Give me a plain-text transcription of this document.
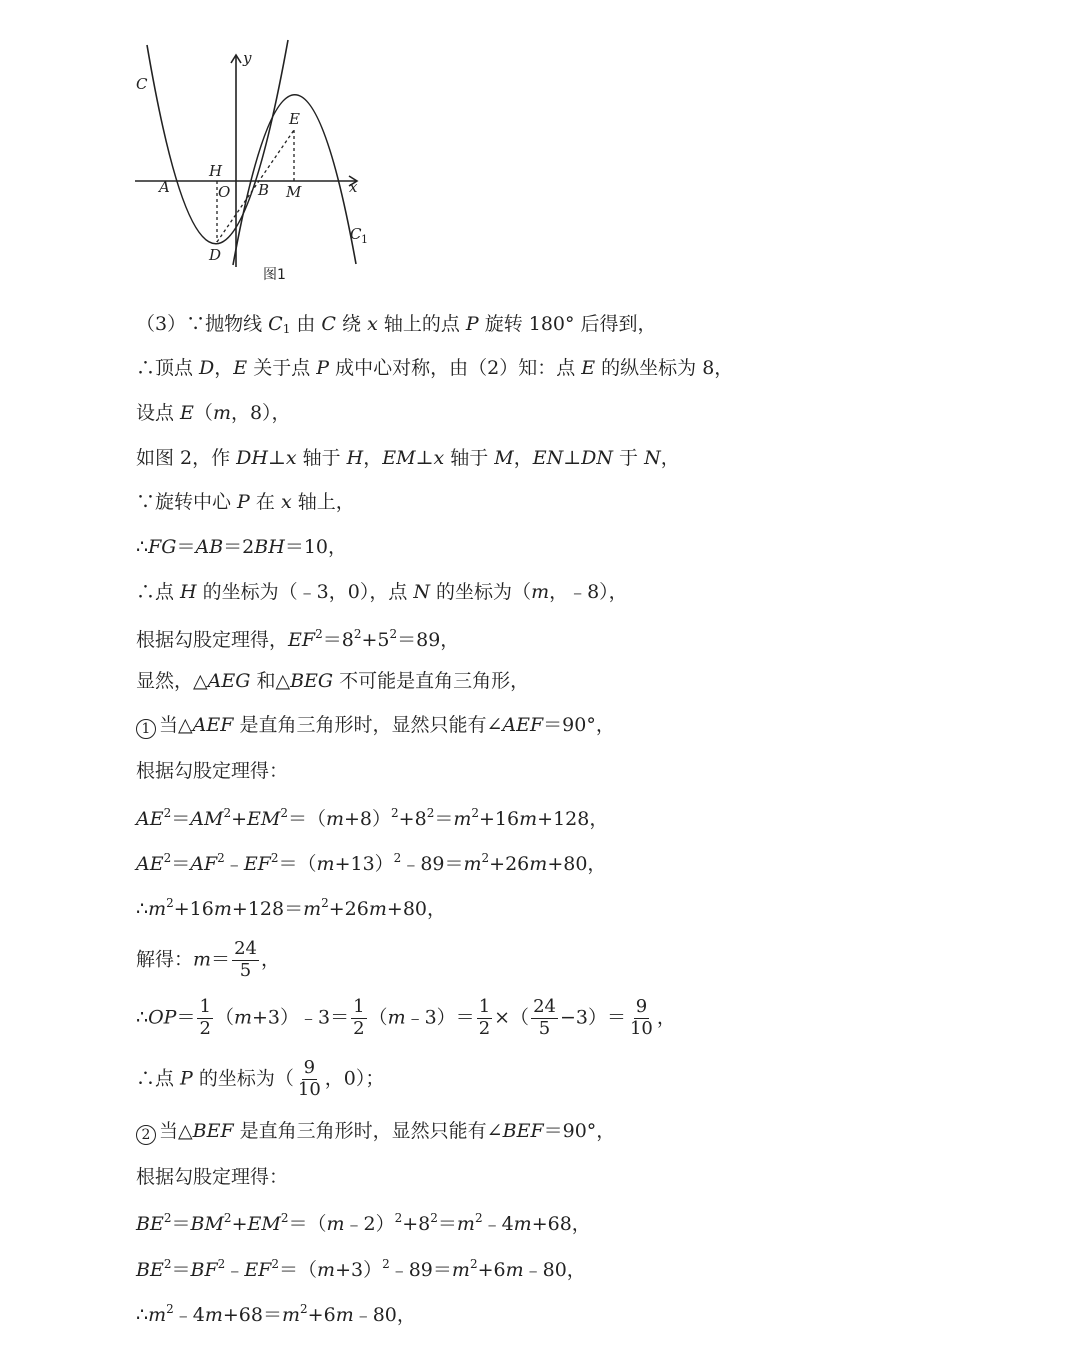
C
y
E
H
A	O B M	x
C 1
D
图1
（3）∵抛物线 $C_1$ 由 C 绕 x 轴上的点 P 旋转 180° 后得到，
∴顶点 D，E 关于点 P 成中心对称，由（2）知：点 E 的纵坐标为 8，
设点 E（m，8），
如图 2，作 DH⊥x 轴于 H，EM⊥x 轴于 M，EN⊥DN 于 N，
∵旋转中心 P 在 x 轴上，
∴FG＝AB＝2BH＝10，
∴点 H 的坐标为（﹣3，0），点 N 的坐标为（m，﹣8），
根据勾股定理得，$EF^2=8^2+5^2=89$，
显然，△AEG 和△BEG 不可能是直角三角形，
1 当△AEF 是直角三角形时，显然只能有∠AEF＝90°，
根据勾股定理得：
$AE^2=AM^2+EM^2=(m+8)^2+8^2=m^2+16m+128$，
$AE^2=AF^2﹣EF^2=(m+13)^2﹣89=m^2+26m+80$，
$\therefore m^2+16m+128=m^2+26m+80$，
解得：$m= \frac{24}{5}$ ，
∴OP＝ $\frac{1}{2}$ （m+3）﹣3＝ $\frac{1}{2}$ （m﹣3）＝ $\frac{1}{2}$ ×（ $\frac{24}{5} -3)= \frac{9}{10}$ ，
∴点 P 的坐标为（ $\frac{9}{10}$ ，0）；
2 当△BEF 是直角三角形时，显然只能有∠BEF＝90°，
根据勾股定理得：
$BE^2=BM^2+EM^2=(m﹣2)^2+8^2=m^2﹣4m+68$，
$BE^2=BF^2﹣EF^2=(m+3)^2﹣89=m^2+6m﹣80$，
$\therefore m^2﹣4m+68=m^2+6m﹣80$，
